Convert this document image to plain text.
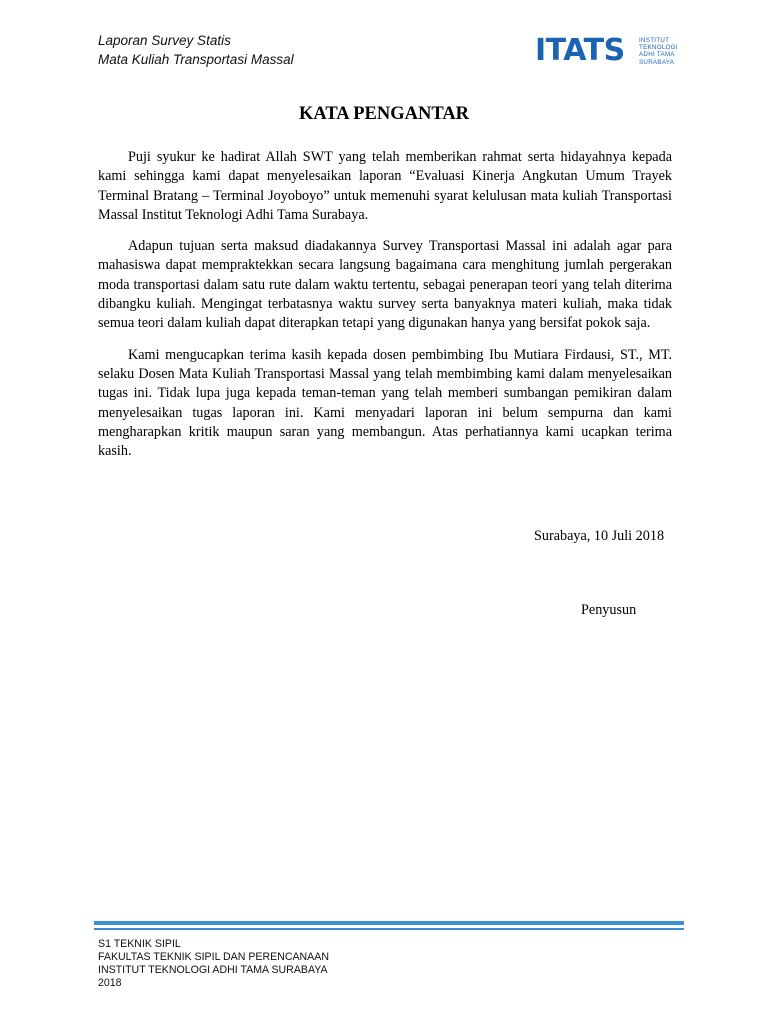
Laporan Survey Statis
Mata Kuliah Transportasi Massal	ITATS INSTITUT
TEKNOLOGI
ADHI TAMA
SURABAYA
KATA PENGANTAR

Puji syukur ke hadirat Allah SWT yang telah memberikan rahmat serta hidayahnya kepada kami sehingga kami dapat menyelesaikan laporan “Evaluasi Kinerja Angkutan Umum Trayek Terminal Bratang – Terminal Joyoboyo” untuk memenuhi syarat kelulusan mata kuliah Transportasi Massal Institut Teknologi Adhi Tama Surabaya.

Adapun tujuan serta maksud diadakannya Survey Transportasi Massal ini adalah agar para mahasiswa dapat mempraktekkan secara langsung bagaimana cara menghitung jumlah pergerakan moda transportasi dalam satu rute dalam waktu tertentu, sebagai penerapan teori yang telah diterima dibangku kuliah. Mengingat terbatasnya waktu survey serta banyaknya materi kuliah, maka tidak semua teori dalam kuliah dapat diterapkan tetapi yang digunakan hanya yang bersifat pokok saja.

Kami mengucapkan terima kasih kepada dosen pembimbing Ibu Mutiara Firdausi, ST., MT. selaku Dosen Mata Kuliah Transportasi Massal yang telah membimbing kami dalam menyelesaikan tugas ini. Tidak lupa juga kepada teman-teman yang telah memberi sumbangan pemikiran dalam menyelesaikan tugas laporan ini. Kami menyadari laporan ini belum sempurna dan kami mengharapkan kritik maupun saran yang membangun. Atas perhatiannya kami ucapkan terima kasih.

Surabaya, 10 Juli 2018
Penyusun
S1 TEKNIK SIPIL
FAKULTAS TEKNIK SIPIL DAN PERENCANAAN
INSTITUT TEKNOLOGI ADHI TAMA SURABAYA
2018
